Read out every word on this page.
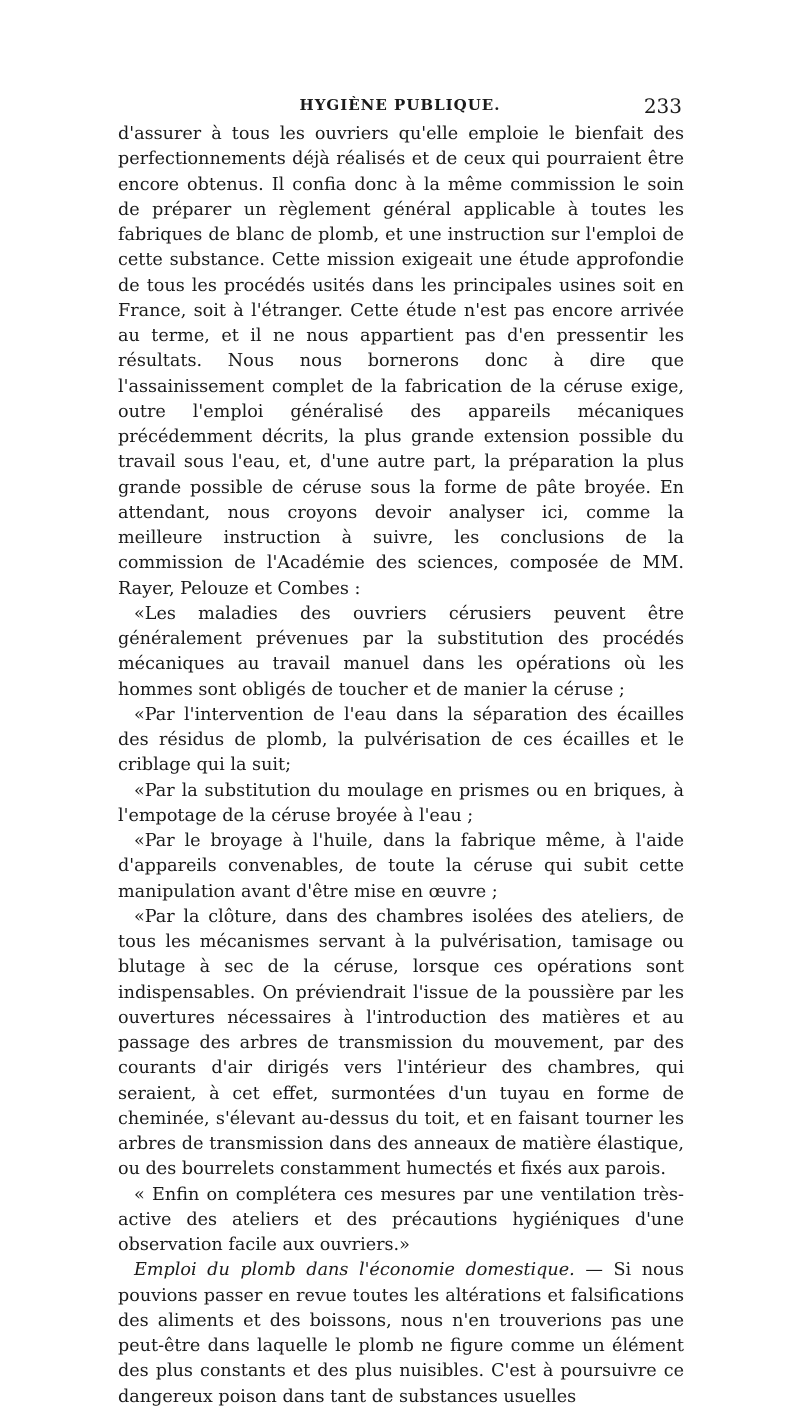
HYGIÈNE PUBLIQUE.	233

d'assurer à tous les ouvriers qu'elle emploie le bienfait des perfectionnements déjà réalisés et de ceux qui pourraient être encore obtenus. Il confia donc à la même commission le soin de préparer un règlement général applicable à toutes les fabriques de blanc de plomb, et une instruction sur l'emploi de cette substance. Cette mission exigeait une étude approfondie de tous les procédés usités dans les principales usines soit en France, soit à l'étranger. Cette étude n'est pas encore arrivée au terme, et il ne nous appartient pas d'en pressentir les résultats. Nous nous bornerons donc à dire que l'assainissement complet de la fabrication de la céruse exige, outre l'emploi généralisé des appareils mécaniques précédemment décrits, la plus grande extension possible du travail sous l'eau, et, d'une autre part, la préparation la plus grande possible de céruse sous la forme de pâte broyée. En attendant, nous croyons devoir analyser ici, comme la meilleure instruction à suivre, les conclusions de la commission de l'Académie des sciences, composée de MM. Rayer, Pelouze et Combes :

«Les maladies des ouvriers cérusiers peuvent être généralement prévenues par la substitution des procédés mécaniques au travail manuel dans les opérations où les hommes sont obligés de toucher et de manier la céruse ;

«Par l'intervention de l'eau dans la séparation des écailles des résidus de plomb, la pulvérisation de ces écailles et le criblage qui la suit;

«Par la substitution du moulage en prismes ou en briques, à l'empotage de la céruse broyée à l'eau ;

«Par le broyage à l'huile, dans la fabrique même, à l'aide d'appareils convenables, de toute la céruse qui subit cette manipulation avant d'être mise en œuvre ;

«Par la clôture, dans des chambres isolées des ateliers, de tous les mécanismes servant à la pulvérisation, tamisage ou blutage à sec de la céruse, lorsque ces opérations sont indispensables. On préviendrait l'issue de la poussière par les ouvertures nécessaires à l'introduction des matières et au passage des arbres de transmission du mouvement, par des courants d'air dirigés vers l'intérieur des chambres, qui seraient, à cet effet, surmontées d'un tuyau en forme de cheminée, s'élevant au-dessus du toit, et en faisant tourner les arbres de transmission dans des anneaux de matière élastique, ou des bourrelets constamment humectés et fixés aux parois.

« Enfin on complétera ces mesures par une ventilation très-active des ateliers et des précautions hygiéniques d'une observation facile aux ouvriers.»

Emploi du plomb dans l'économie domestique. — Si nous pouvions passer en revue toutes les altérations et falsifications des aliments et des boissons, nous n'en trouverions pas une peut-être dans laquelle le plomb ne figure comme un élément des plus constants et des plus nuisibles. C'est à poursuivre ce dangereux poison dans tant de substances usuelles
